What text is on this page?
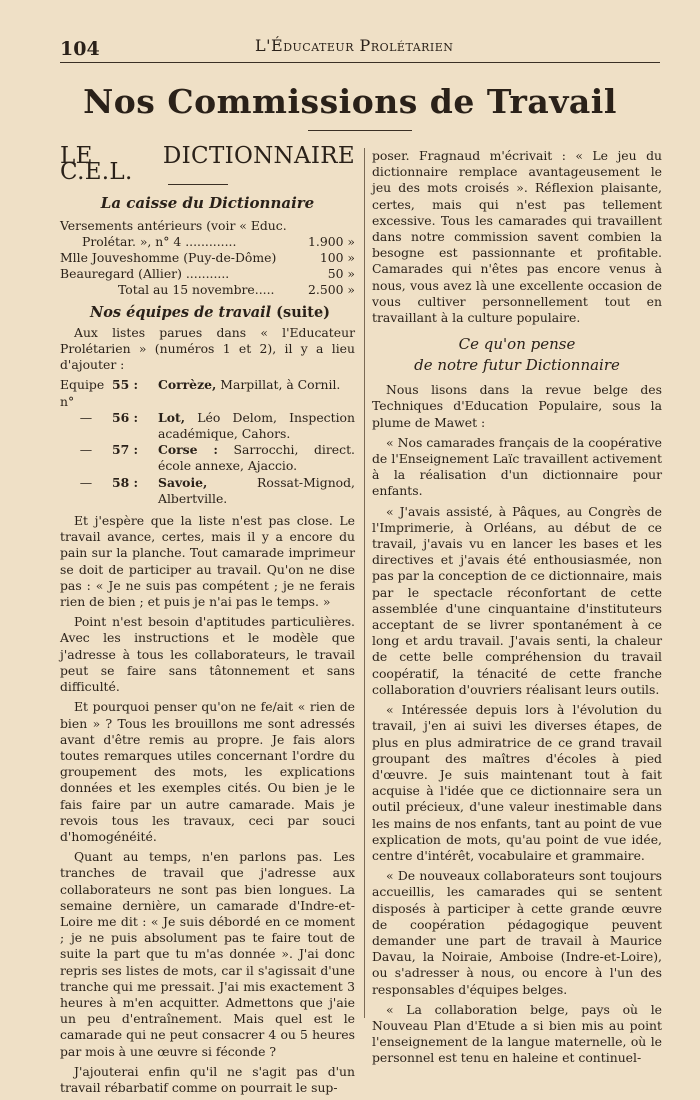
104	L'Éducateur Prolétarien
Nos Commissions de Travail
LE DICTIONNAIRE C.E.L.
La caisse du Dictionnaire
Versements antérieurs (voir « Educ.
Prolétar. », n° 4 .............	1.900 »
Mlle Jouveshomme (Puy-de-Dôme)	100 »
Beauregard (Allier) ...........	50 »
Total au 15 novembre.....	2.500 »
Nos équipes de travail (suite)

Aux listes parues dans « l'Educateur Prolétarien » (numéros 1 et 2), il y a lieu d'ajouter :

Equipe n°
55 :	Corrèze, Marpillat, à Cornil.
—	56 :	Lot, Léo Delom, Inspection académique, Cahors.
—	57 :	Corse : Sarrocchi, direct. école annexe, Ajaccio.
—	58 :	Savoie,	Rossat-Mignod, Albertville.

Et j'espère que la liste n'est pas close. Le travail avance, certes, mais il y a encore du pain sur la planche. Tout camarade imprimeur se doit de participer au travail. Qu'on ne dise pas : « Je ne suis pas compétent ; je ne ferais rien de bien ; et puis je n'ai pas le temps. »

Point n'est besoin d'aptitudes particulières. Avec les instructions et le modèle que j'adresse à tous les collaborateurs, le travail peut se faire sans tâtonnement et sans difficulté.

Et pourquoi penser qu'on ne fe/ait « rien de bien » ? Tous les brouillons me sont adressés avant d'être remis au propre. Je fais alors toutes remarques utiles concernant l'ordre du groupement des mots, les explications données et les exemples cités. Ou bien je le fais faire par un autre camarade. Mais je revois tous les travaux, ceci par souci d'homogénéité.

Quant au temps, n'en parlons pas. Les tranches de travail que j'adresse aux collaborateurs ne sont pas bien longues. La semaine dernière, un camarade d'Indre-et-Loire me dit : « Je suis débordé en ce moment ; je ne puis absolument pas te faire tout de suite la part que tu m'as donnée ». J'ai donc repris ses listes de mots, car il s'agissait d'une tranche qui me pressait. J'ai mis exactement 3 heures à m'en acquitter. Admettons que j'aie un peu d'entraînement. Mais quel est le camarade qui ne peut consacrer 4 ou 5 heures par mois à une œuvre si féconde ?

J'ajouterai enfin qu'il ne s'agit pas d'un travail rébarbatif comme on pourrait le sup-

poser. Fragnaud m'écrivait : « Le jeu du dictionnaire remplace avantageusement le jeu des mots croisés ». Réflexion plaisante, certes, mais qui n'est pas tellement excessive. Tous les camarades qui travaillent dans notre commission savent combien la besogne est passionnante et profitable. Camarades qui n'êtes pas encore venus à nous, vous avez là une excellente occasion de vous cultiver personnellement tout en travaillant à la culture populaire.

Ce qu'on pense
de notre futur Dictionnaire

Nous lisons dans la revue belge des Techniques d'Education Populaire, sous la plume de Mawet :

« Nos camarades français de la coopérative de l'Enseignement Laïc travaillent activement à la réalisation d'un dictionnaire pour enfants.

« J'avais assisté, à Pâques, au Congrès de l'Imprimerie, à Orléans, au début de ce travail, j'avais vu en lancer les bases et les directives et j'avais été enthousiasmée, non pas par la conception de ce dictionnaire, mais par le spectacle réconfortant de cette assemblée d'une cinquantaine d'instituteurs acceptant de se livrer spontanément à ce long et ardu travail. J'avais senti, la chaleur de cette belle compréhension du travail coopératif, la ténacité de cette franche collaboration d'ouvriers réalisant leurs outils.

« Intéressée depuis lors à l'évolution du travail, j'en ai suivi les diverses étapes, de plus en plus admiratrice de ce grand travail groupant des maîtres d'écoles à pied d'œuvre. Je suis maintenant tout à fait acquise à l'idée que ce dictionnaire sera un outil précieux, d'une valeur inestimable dans les mains de nos enfants, tant au point de vue explication de mots, qu'au point de vue idée, centre d'intérêt, vocabulaire et grammaire.

« De nouveaux collaborateurs sont toujours accueillis, les camarades qui se sentent disposés à participer à cette grande œuvre de coopération pédagogique peuvent demander une part de travail à Maurice Davau, la Noiraie, Amboise (Indre-et-Loire), ou s'adresser à nous, ou encore à l'un des responsables d'équipes belges.

« La collaboration belge, pays où le Nouveau Plan d'Etude a si bien mis au point l'enseignement de la langue maternelle, où le personnel est tenu en haleine et continuel-
